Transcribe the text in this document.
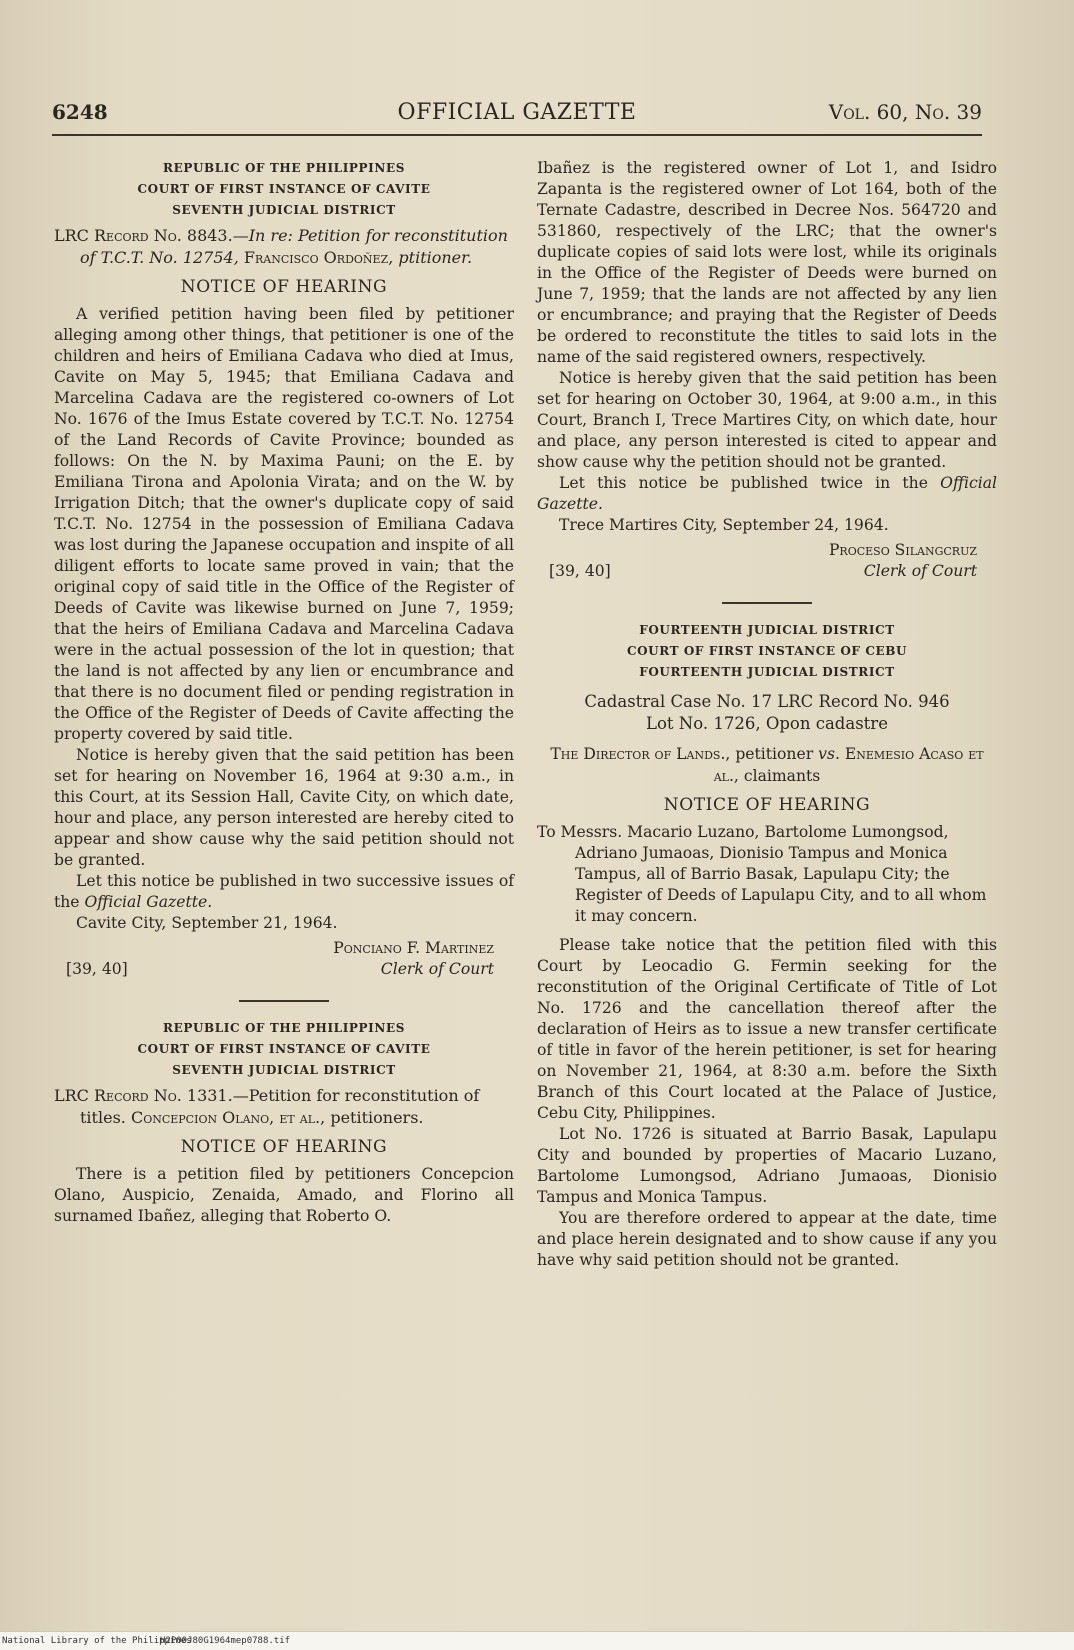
6248	OFFICIAL GAZETTE	Vol. 60, No. 39
REPUBLIC OF THE PHILIPPINES
COURT OF FIRST INSTANCE OF CAVITE
SEVENTH JUDICIAL DISTRICT

LRC Record No. 8843.—In re: Petition for reconstitution of T.C.T. No. 12754, Francisco Ordoñez, ptitioner.

NOTICE OF HEARING

A verified petition having been filed by petitioner alleging among other things, that petitioner is one of the children and heirs of Emiliana Cadava who died at Imus, Cavite on May 5, 1945; that Emiliana Cadava and Marcelina Cadava are the registered co-owners of Lot No. 1676 of the Imus Estate covered by T.C.T. No. 12754 of the Land Records of Cavite Province; bounded as follows: On the N. by Maxima Pauni; on the E. by Emiliana Tirona and Apolonia Virata; and on the W. by Irrigation Ditch; that the owner's duplicate copy of said T.C.T. No. 12754 in the possession of Emiliana Cadava was lost during the Japanese occupation and inspite of all diligent efforts to locate same proved in vain; that the original copy of said title in the Office of the Register of Deeds of Cavite was likewise burned on June 7, 1959; that the heirs of Emiliana Cadava and Marcelina Cadava were in the actual possession of the lot in question; that the land is not affected by any lien or encumbrance and that there is no document filed or pending registration in the Office of the Register of Deeds of Cavite affecting the property covered by said title.

Notice is hereby given that the said petition has been set for hearing on November 16, 1964 at 9:30 a.m., in this Court, at its Session Hall, Cavite City, on which date, hour and place, any person interested are hereby cited to appear and show cause why the said petition should not be granted.

Let this notice be published in two successive issues of the Official Gazette.

Cavite City, September 21, 1964.

Ponciano F. Martinez
Clerk of Court
[39, 40]
REPUBLIC OF THE PHILIPPINES
COURT OF FIRST INSTANCE OF CAVITE
SEVENTH JUDICIAL DISTRICT

LRC Record No. 1331.—Petition for reconstitution of titles. Concepcion Olano, et al., petitioners.

NOTICE OF HEARING

There is a petition filed by petitioners Concepcion Olano, Auspicio, Zenaida, Amado, and Florino all surnamed Ibañez, alleging that Roberto O.

Ibañez is the registered owner of Lot 1, and Isidro Zapanta is the registered owner of Lot 164, both of the Ternate Cadastre, described in Decree Nos. 564720 and 531860, respectively of the LRC; that the owner's duplicate copies of said lots were lost, while its originals in the Office of the Register of Deeds were burned on June 7, 1959; that the lands are not affected by any lien or encumbrance; and praying that the Register of Deeds be ordered to reconstitute the titles to said lots in the name of the said registered owners, respectively.

Notice is hereby given that the said petition has been set for hearing on October 30, 1964, at 9:00 a.m., in this Court, Branch I, Trece Martires City, on which date, hour and place, any person interested is cited to appear and show cause why the petition should not be granted.

Let this notice be published twice in the Official Gazette.

Trece Martires City, September 24, 1964.

Proceso Silangcruz
Clerk of Court
[39, 40]
FOURTEENTH JUDICIAL DISTRICT
COURT OF FIRST INSTANCE OF CEBU
FOURTEENTH JUDICIAL DISTRICT
Cadastral Case No. 17 LRC Record No. 946
Lot No. 1726, Opon cadastre
The Director of Lands., petitioner vs. Enemesio Acaso et al., claimants
NOTICE OF HEARING

To Messrs. Macario Luzano, Bartolome Lumongsod, Adriano Jumaoas, Dionisio Tampus and Monica Tampus, all of Barrio Basak, Lapulapu City; the Register of Deeds of Lapulapu City, and to all whom it may concern.

Please take notice that the petition filed with this Court by Leocadio G. Fermin seeking for the reconstitution of the Original Certificate of Title of Lot No. 1726 and the cancellation thereof after the declaration of Heirs as to issue a new transfer certificate of title in favor of the herein petitioner, is set for hearing on November 21, 1964, at 8:30 a.m. before the Sixth Branch of this Court located at the Palace of Justice, Cebu City, Philippines.

Lot No. 1726 is situated at Barrio Basak, Lapulapu City and bounded by properties of Macario Luzano, Bartolome Lumongsod, Adriano Jumaoas, Dionisio Tampus and Monica Tampus.

You are therefore ordered to appear at the date, time and place herein designated and to show cause if any you have why said petition should not be granted.

National Library of the Philippines
H2P00J80G1964mep0788.tif
